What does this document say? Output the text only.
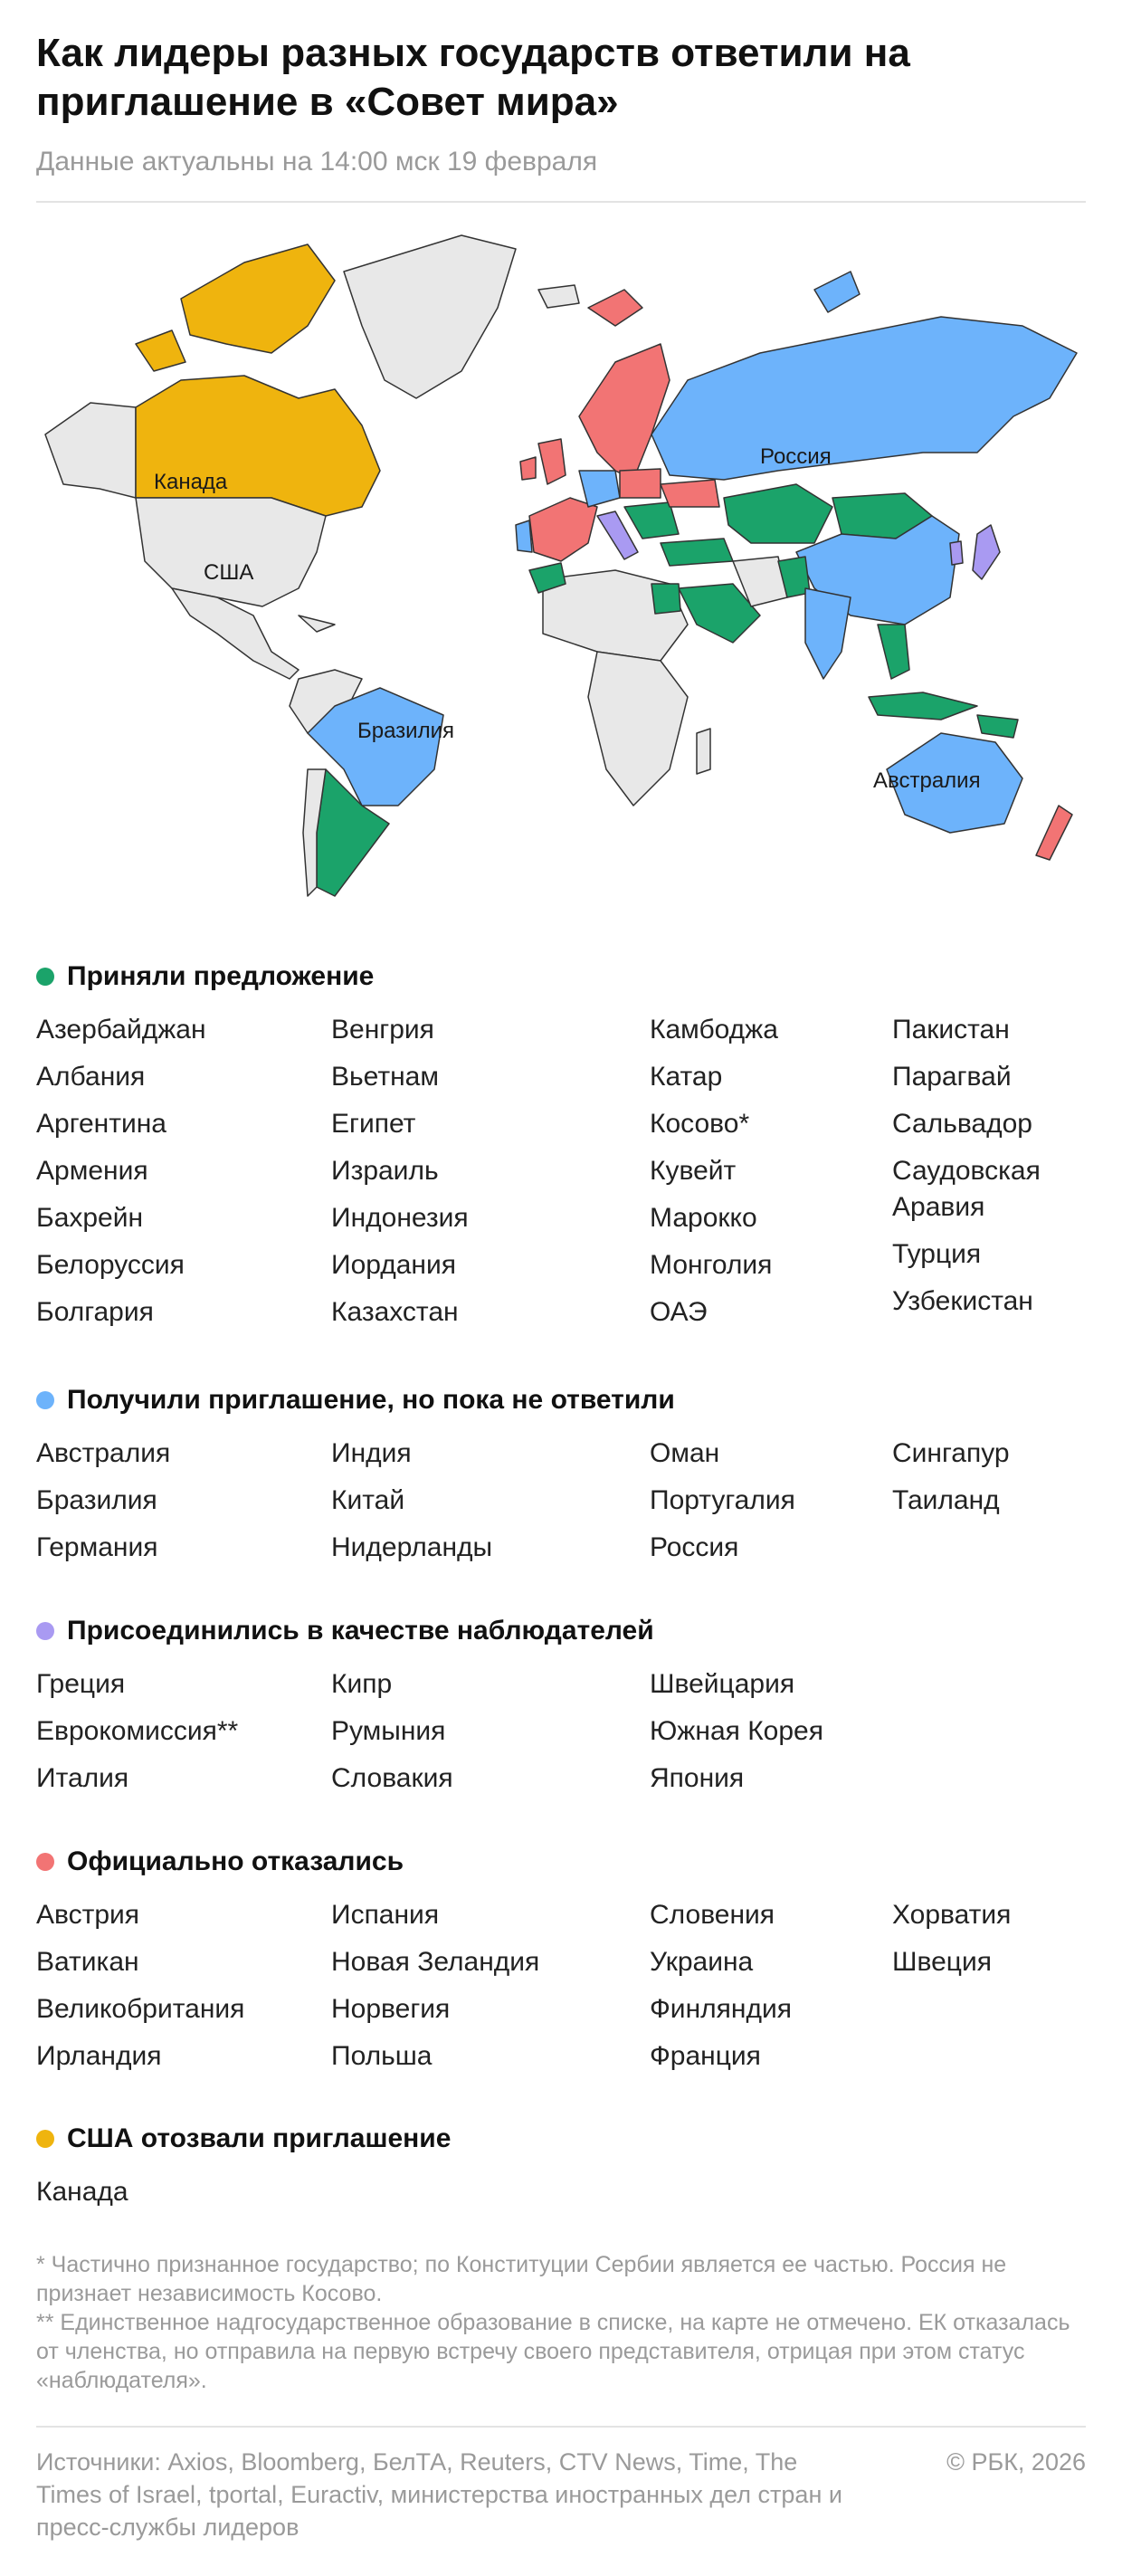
Как лидеры разных государств ответили на приглашение в «Совет мира»
Данные актуальны на 14:00 мск 19 февраля
Канада
США
Россия
Бразилия
Австралия
Приняли предложение
Азербайджан
Албания
Аргентина
Армения
Бахрейн
Белоруссия
Болгария
Венгрия
Вьетнам
Египет
Израиль
Индонезия
Иордания
Казахстан
Камбоджа
Катар
Косово*
Кувейт
Марокко
Монголия
ОАЭ
Пакистан
Парагвай
Сальвадор
Саудовская Аравия
Турция
Узбекистан
Получили приглашение, но пока не ответили
Австралия
Бразилия
Германия
Индия
Китай
Нидерланды
Оман
Португалия
Россия
Сингапур
Таиланд
Присоединились в качестве наблюдателей
Греция
Еврокомиссия**
Италия
Кипр
Румыния
Словакия
Швейцария
Южная Корея
Япония
Официально отказались
Австрия
Ватикан
Великобритания
Ирландия
Испания
Новая Зеландия
Норвегия
Польша
Словения
Украина
Финляндия
Франция
Хорватия
Швеция
США отозвали приглашение
Канада
* Частично признанное государство; по Конституции Сербии является ее частью. Россия не признает независимость Косово.
** Единственное надгосударственное образование в списке, на карте не отмечено. ЕК отказалась от членства, но отправила на первую встречу своего представителя, отрицая при этом статус «наблюдателя».
Источники: Axios, Bloomberg, БелТА, Reuters, CTV News, Time, The Times of Israel, tportal, Euractiv, министерства иностранных дел стран и пресс-службы лидеров
© РБК, 2026
